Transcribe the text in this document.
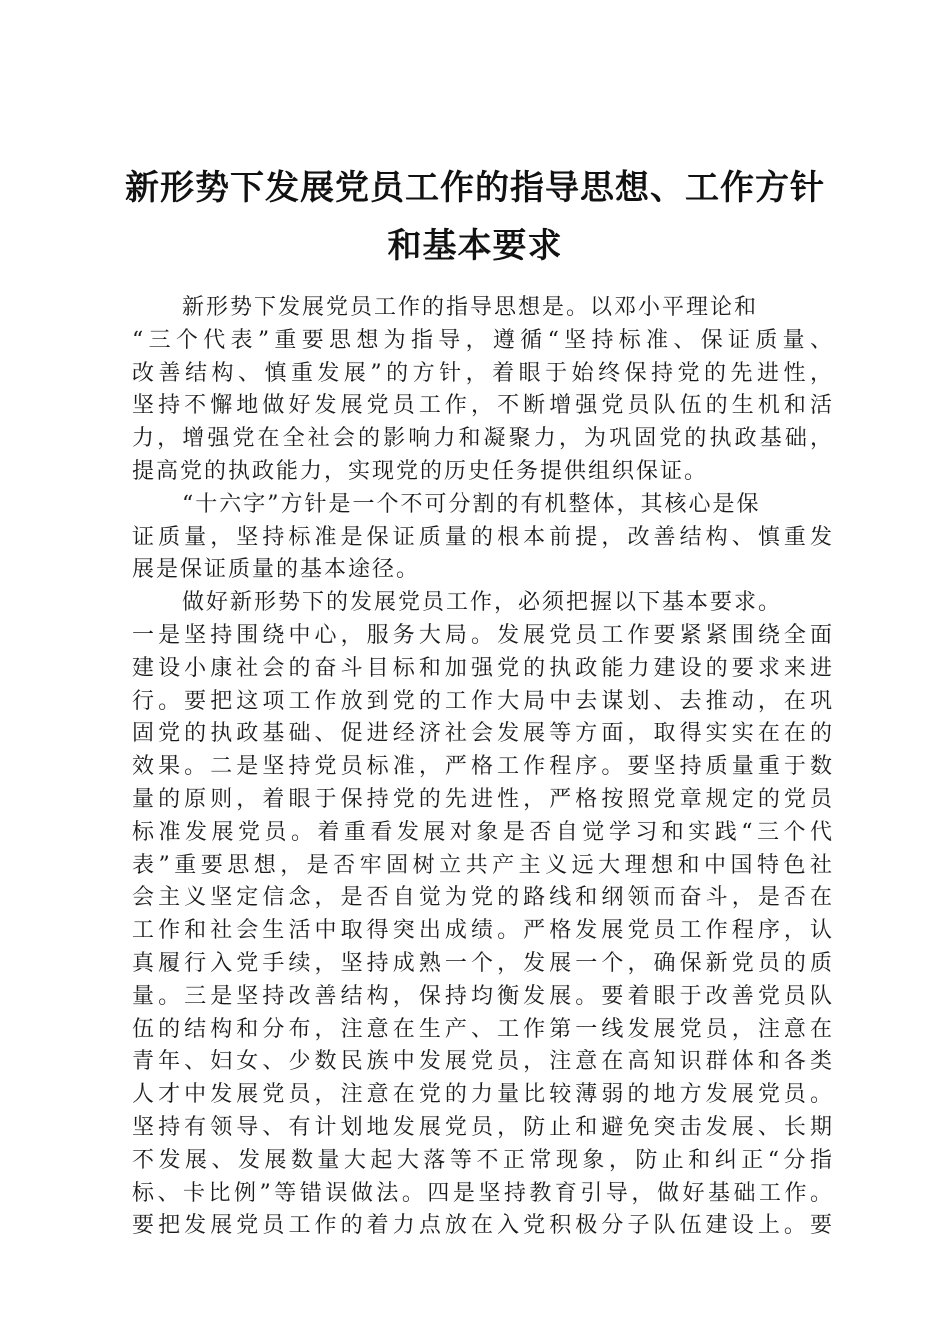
新形势下发展党员工作的指导思想、工作方针
和基本要求
新形势下发展党员工作的指导思想是。以邓小平理论和
“三个代表”重要思想为指导，遵循“坚持标准、保证质量、
改善结构、慎重发展”的方针，着眼于始终保持党的先进性，
坚持不懈地做好发展党员工作，不断增强党员队伍的生机和活
力，增强党在全社会的影响力和凝聚力，为巩固党的执政基础，
提高党的执政能力，实现党的历史任务提供组织保证。
“十六字”方针是一个不可分割的有机整体，其核心是保
证质量，坚持标准是保证质量的根本前提，改善结构、慎重发
展是保证质量的基本途径。
做好新形势下的发展党员工作，必须把握以下基本要求。
一是坚持围绕中心，服务大局。发展党员工作要紧紧围绕全面
建设小康社会的奋斗目标和加强党的执政能力建设的要求来进
行。要把这项工作放到党的工作大局中去谋划、去推动，在巩
固党的执政基础、促进经济社会发展等方面，取得实实在在的
效果。二是坚持党员标准，严格工作程序。要坚持质量重于数
量的原则，着眼于保持党的先进性，严格按照党章规定的党员
标准发展党员。着重看发展对象是否自觉学习和实践“三个代
表”重要思想，是否牢固树立共产主义远大理想和中国特色社
会主义坚定信念，是否自觉为党的路线和纲领而奋斗，是否在
工作和社会生活中取得突出成绩。严格发展党员工作程序，认
真履行入党手续，坚持成熟一个，发展一个，确保新党员的质
量。三是坚持改善结构，保持均衡发展。要着眼于改善党员队
伍的结构和分布，注意在生产、工作第一线发展党员，注意在
青年、妇女、少数民族中发展党员，注意在高知识群体和各类
人才中发展党员，注意在党的力量比较薄弱的地方发展党员。
坚持有领导、有计划地发展党员，防止和避免突击发展、长期
不发展、发展数量大起大落等不正常现象，防止和纠正“分指
标、卡比例”等错误做法。四是坚持教育引导，做好基础工作。
要把发展党员工作的着力点放在入党积极分子队伍建设上。要
